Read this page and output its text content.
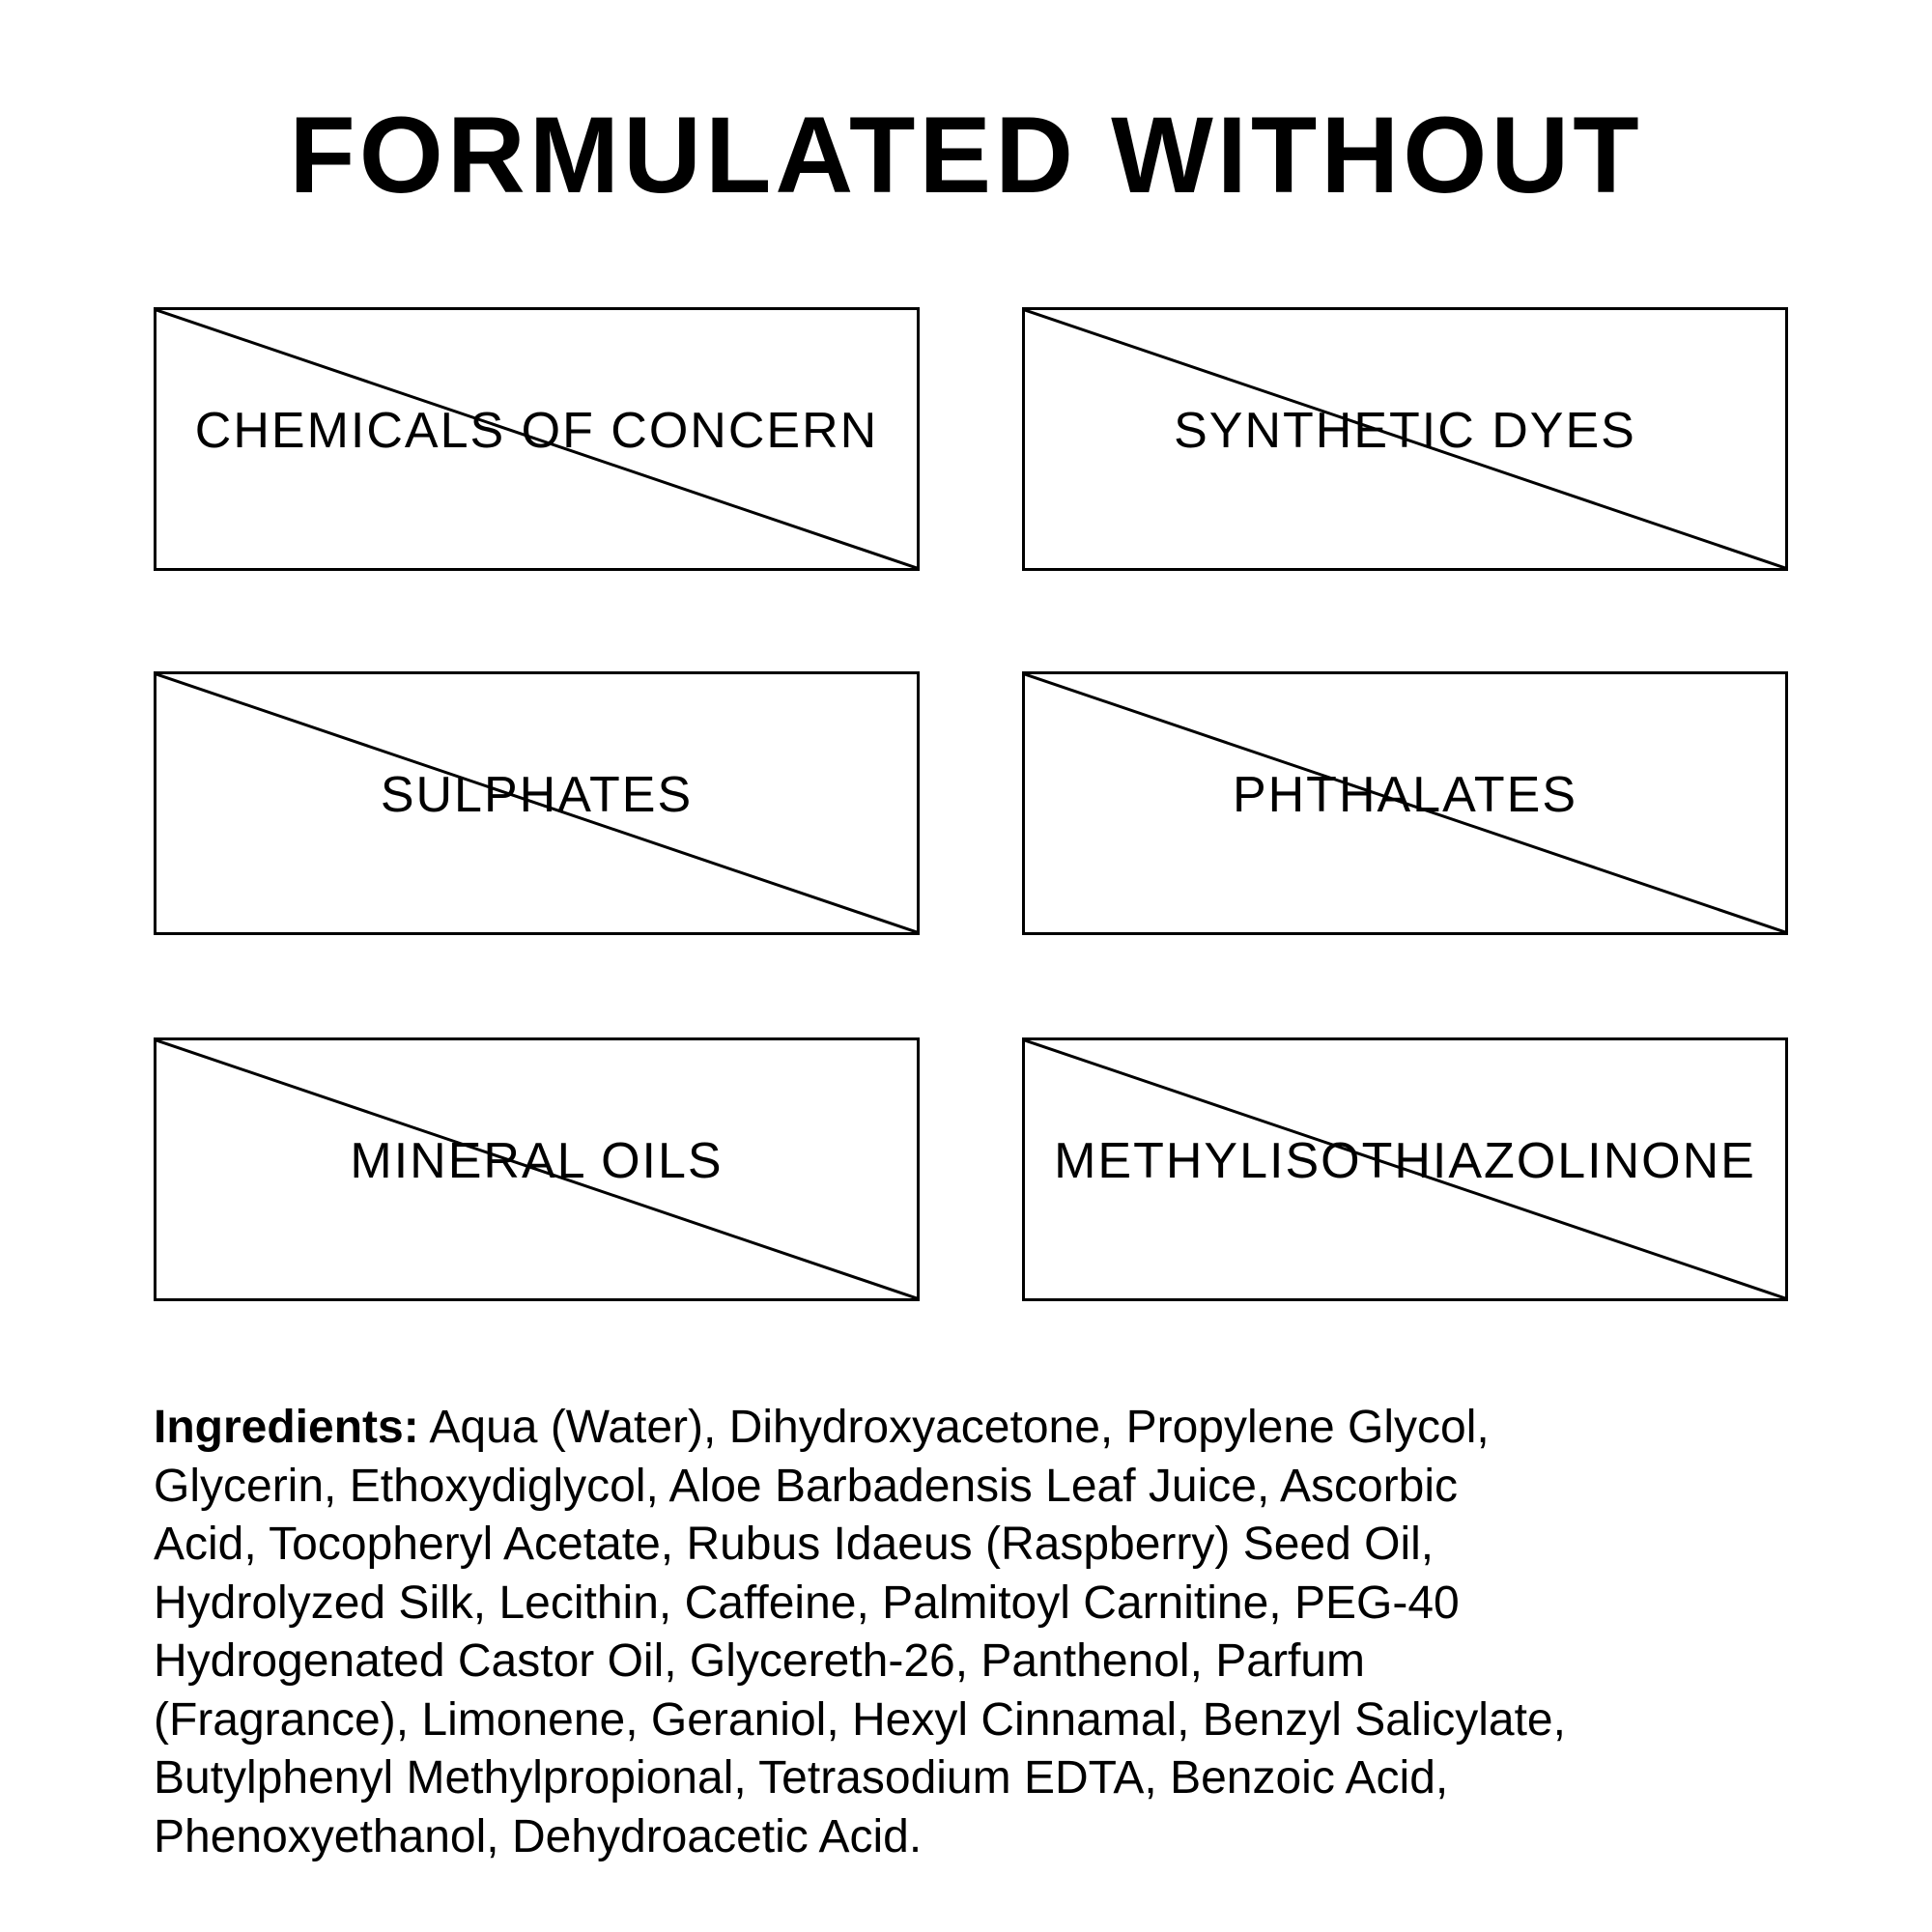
FORMULATED WITHOUT
CHEMICALS OF CONCERN	SYNTHETIC DYES
SULPHATES	PHTHALATES
MINERAL OILS	METHYLISOTHIAZOLINONE

Ingredients: Aqua (Water), Dihydroxyacetone, Propylene Glycol,
Glycerin, Ethoxydiglycol, Aloe Barbadensis Leaf Juice, Ascorbic
Acid, Tocopheryl Acetate, Rubus Idaeus (Raspberry) Seed Oil,
Hydrolyzed Silk, Lecithin, Caffeine, Palmitoyl Carnitine, PEG-40
Hydrogenated Castor Oil, Glycereth-26, Panthenol, Parfum
(Fragrance), Limonene, Geraniol, Hexyl Cinnamal, Benzyl Salicylate,
Butylphenyl Methylpropional, Tetrasodium EDTA, Benzoic Acid,
Phenoxyethanol, Dehydroacetic Acid.
